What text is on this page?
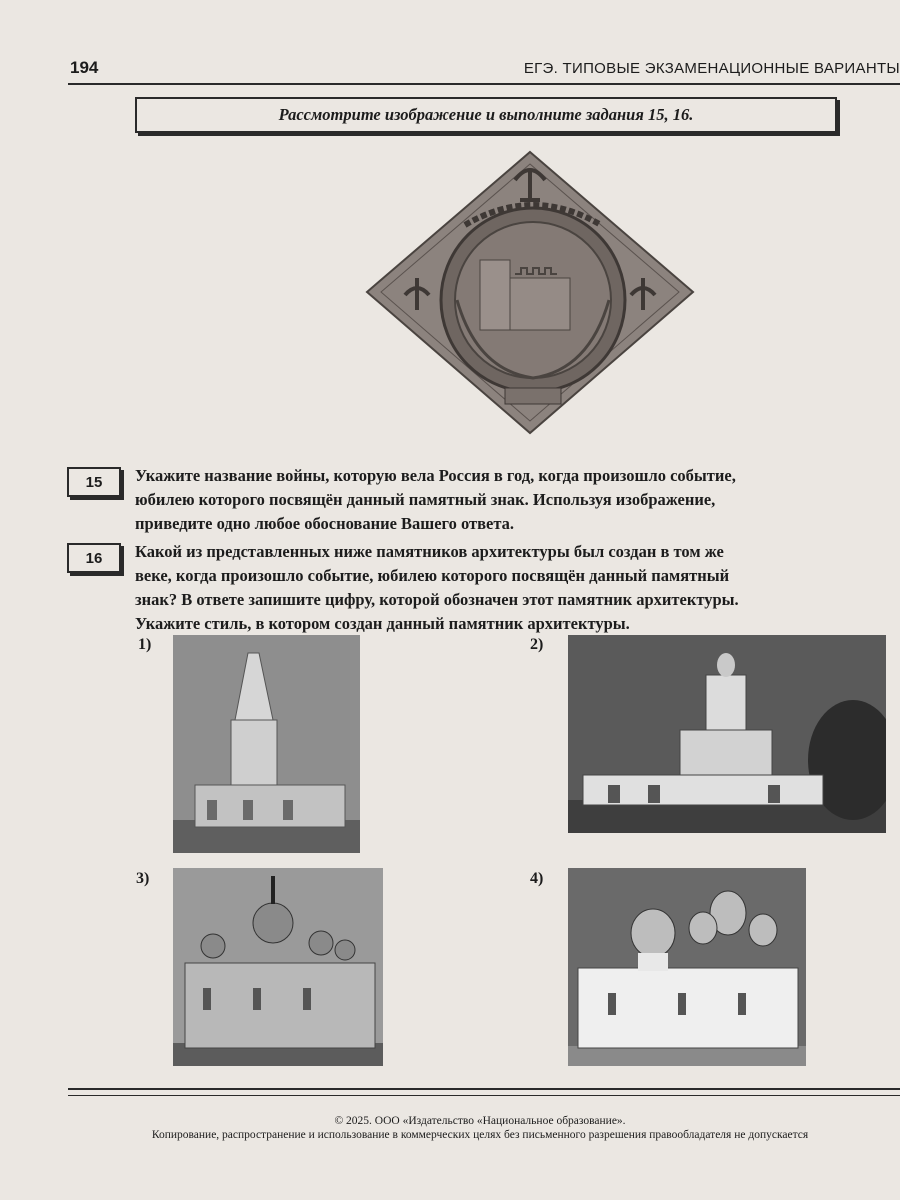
194	ЕГЭ. ТИПОВЫЕ ЭКЗАМЕНАЦИОННЫЕ ВАРИАНТЫ
Рассмотрите изображение и выполните задания 15, 16.
15	Укажите название войны, которую вела Россия в год, когда произошло событие,

юбилею которого посвящён данный памятный знак. Используя изображение,

приведите одно любое обоснование Вашего ответа.

16	Какой из представленных ниже памятников архитектуры был создан в том же

веке, когда произошло событие, юбилею которого посвящён данный памятный

знак? В ответе запишите цифру, которой обозначен этот памятник архитектуры.

Укажите стиль, в котором создан данный памятник архитектуры.

1)	2)
3)	4)
© 2025. ООО «Издательство «Национальное образование».
Копирование, распространение и использование в коммерческих целях без письменного разрешения правообладателя не допускается
